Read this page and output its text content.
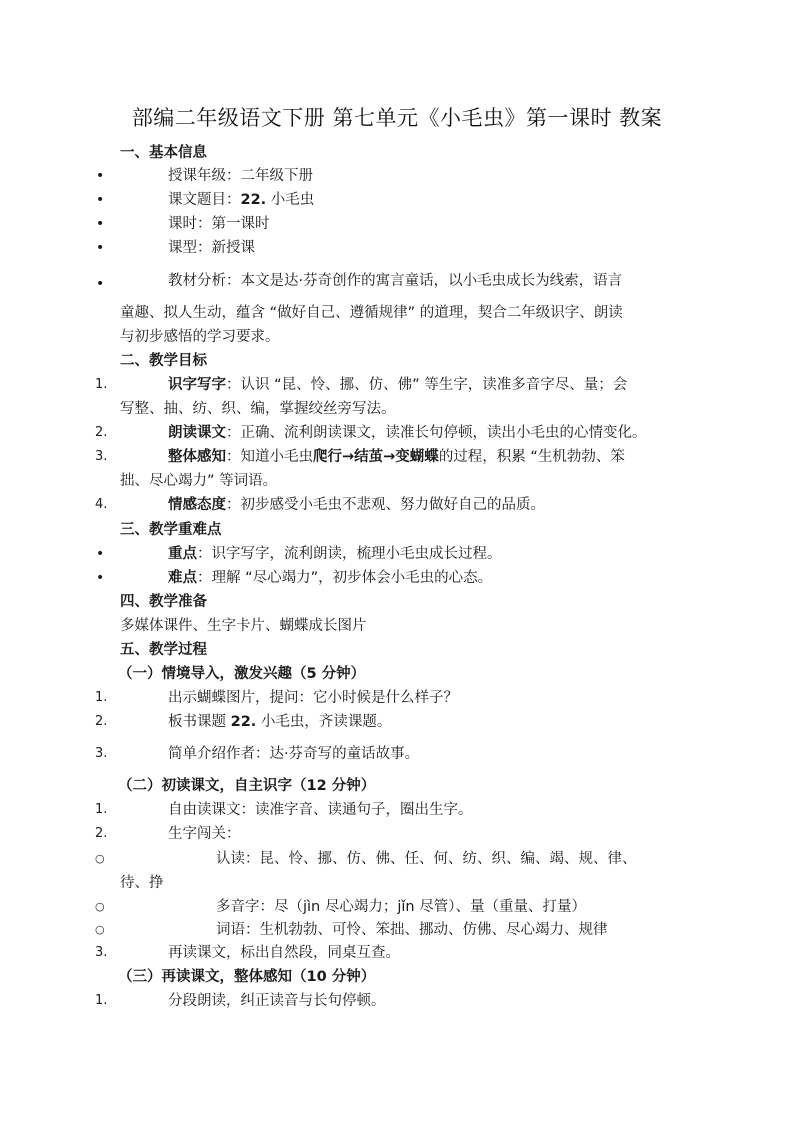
部编二年级语文下册 第七单元《小毛虫》第一课时 教案
一、基本信息
•	授课年级：二年级下册
•	课文题目：22. 小毛虫
•	课时：第一课时
•	课型：新授课
•	教材分析：本文是达·芬奇创作的寓言童话，以小毛虫成长为线索，语言
童趣、拟人生动，蕴含 “做好自己、遵循规律” 的道理，契合二年级识字、朗读
与初步感悟的学习要求。
二、教学目标
1.	识字写字：认识 “昆、怜、挪、仿、佛” 等生字，读准多音字尽、量；会
写整、抽、纺、织、编，掌握绞丝旁写法。
2.	朗读课文：正确、流利朗读课文，读准长句停顿，读出小毛虫的心情变化。
3.	整体感知：知道小毛虫爬行→结茧→变蝴蝶的过程，积累 “生机勃勃、笨
拙、尽心竭力” 等词语。
4.	情感态度：初步感受小毛虫不悲观、努力做好自己的品质。
三、教学重难点
•	重点：识字写字，流利朗读，梳理小毛虫成长过程。
•	难点：理解 “尽心竭力”，初步体会小毛虫的心态。
四、教学准备
多媒体课件、生字卡片、蝴蝶成长图片
五、教学过程
（一）情境导入，激发兴趣（5 分钟）
1.	出示蝴蝶图片，提问：它小时候是什么样子？
2.	板书课题 22. 小毛虫，齐读课题。
3.	简单介绍作者：达·芬奇写的童话故事。
（二）初读课文，自主识字（12 分钟）
1.	自由读课文：读准字音、读通句子，圈出生字。
2.	生字闯关：
○	认读：昆、怜、挪、仿、佛、任、何、纺、织、编、竭、规、律、
待、挣
○	多音字：尽（jìn 尽心竭力；jǐn 尽管）、量（重量、打量）
○	词语：生机勃勃、可怜、笨拙、挪动、仿佛、尽心竭力、规律
3.	再读课文，标出自然段，同桌互查。
（三）再读课文，整体感知（10 分钟）
1.	分段朗读，纠正读音与长句停顿。
